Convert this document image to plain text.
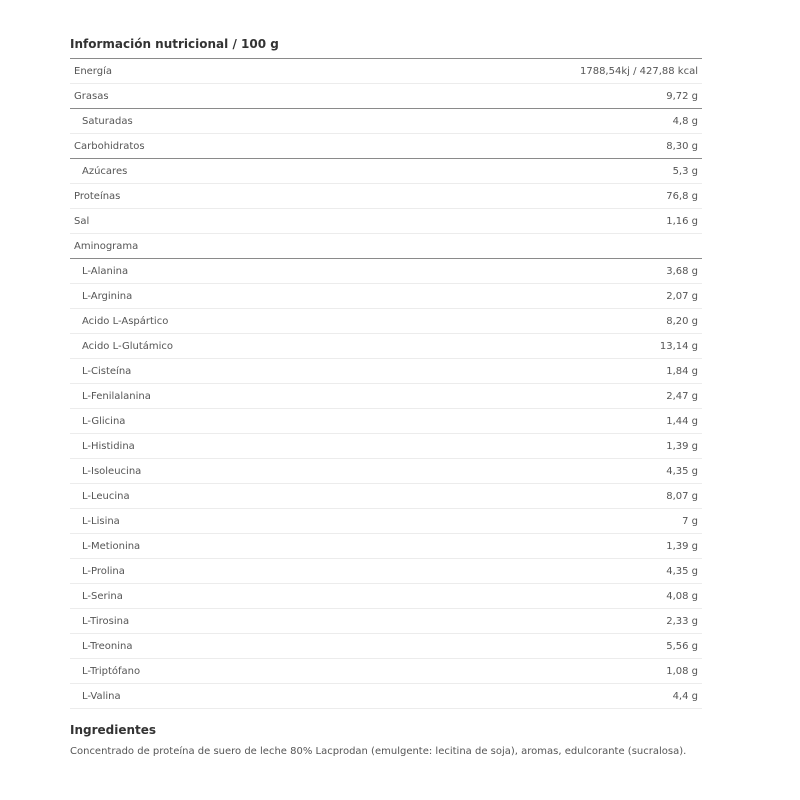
Información nutricional / 100 g
Energía	1788,54kj / 427,88 kcal
Grasas	9,72 g
Saturadas	4,8 g
Carbohidratos	8,30 g
Azúcares	5,3 g
Proteínas	76,8 g
Sal	1,16 g
Aminograma
L-Alanina	3,68 g
L-Arginina	2,07 g
Acido L-Aspártico	8,20 g
Acido L-Glutámico	13,14 g
L-Cisteína	1,84 g
L-Fenilalanina	2,47 g
L-Glicina	1,44 g
L-Histidina	1,39 g
L-Isoleucina	4,35 g
L-Leucina	8,07 g
L-Lisina	7 g
L-Metionina	1,39 g
L-Prolina	4,35 g
L-Serina	4,08 g
L-Tirosina	2,33 g
L-Treonina	5,56 g
L-Triptófano	1,08 g
L-Valina	4,4 g
Ingredientes
Concentrado de proteína de suero de leche 80% Lacprodan (emulgente: lecitina de soja), aromas, edulcorante (sucralosa).
